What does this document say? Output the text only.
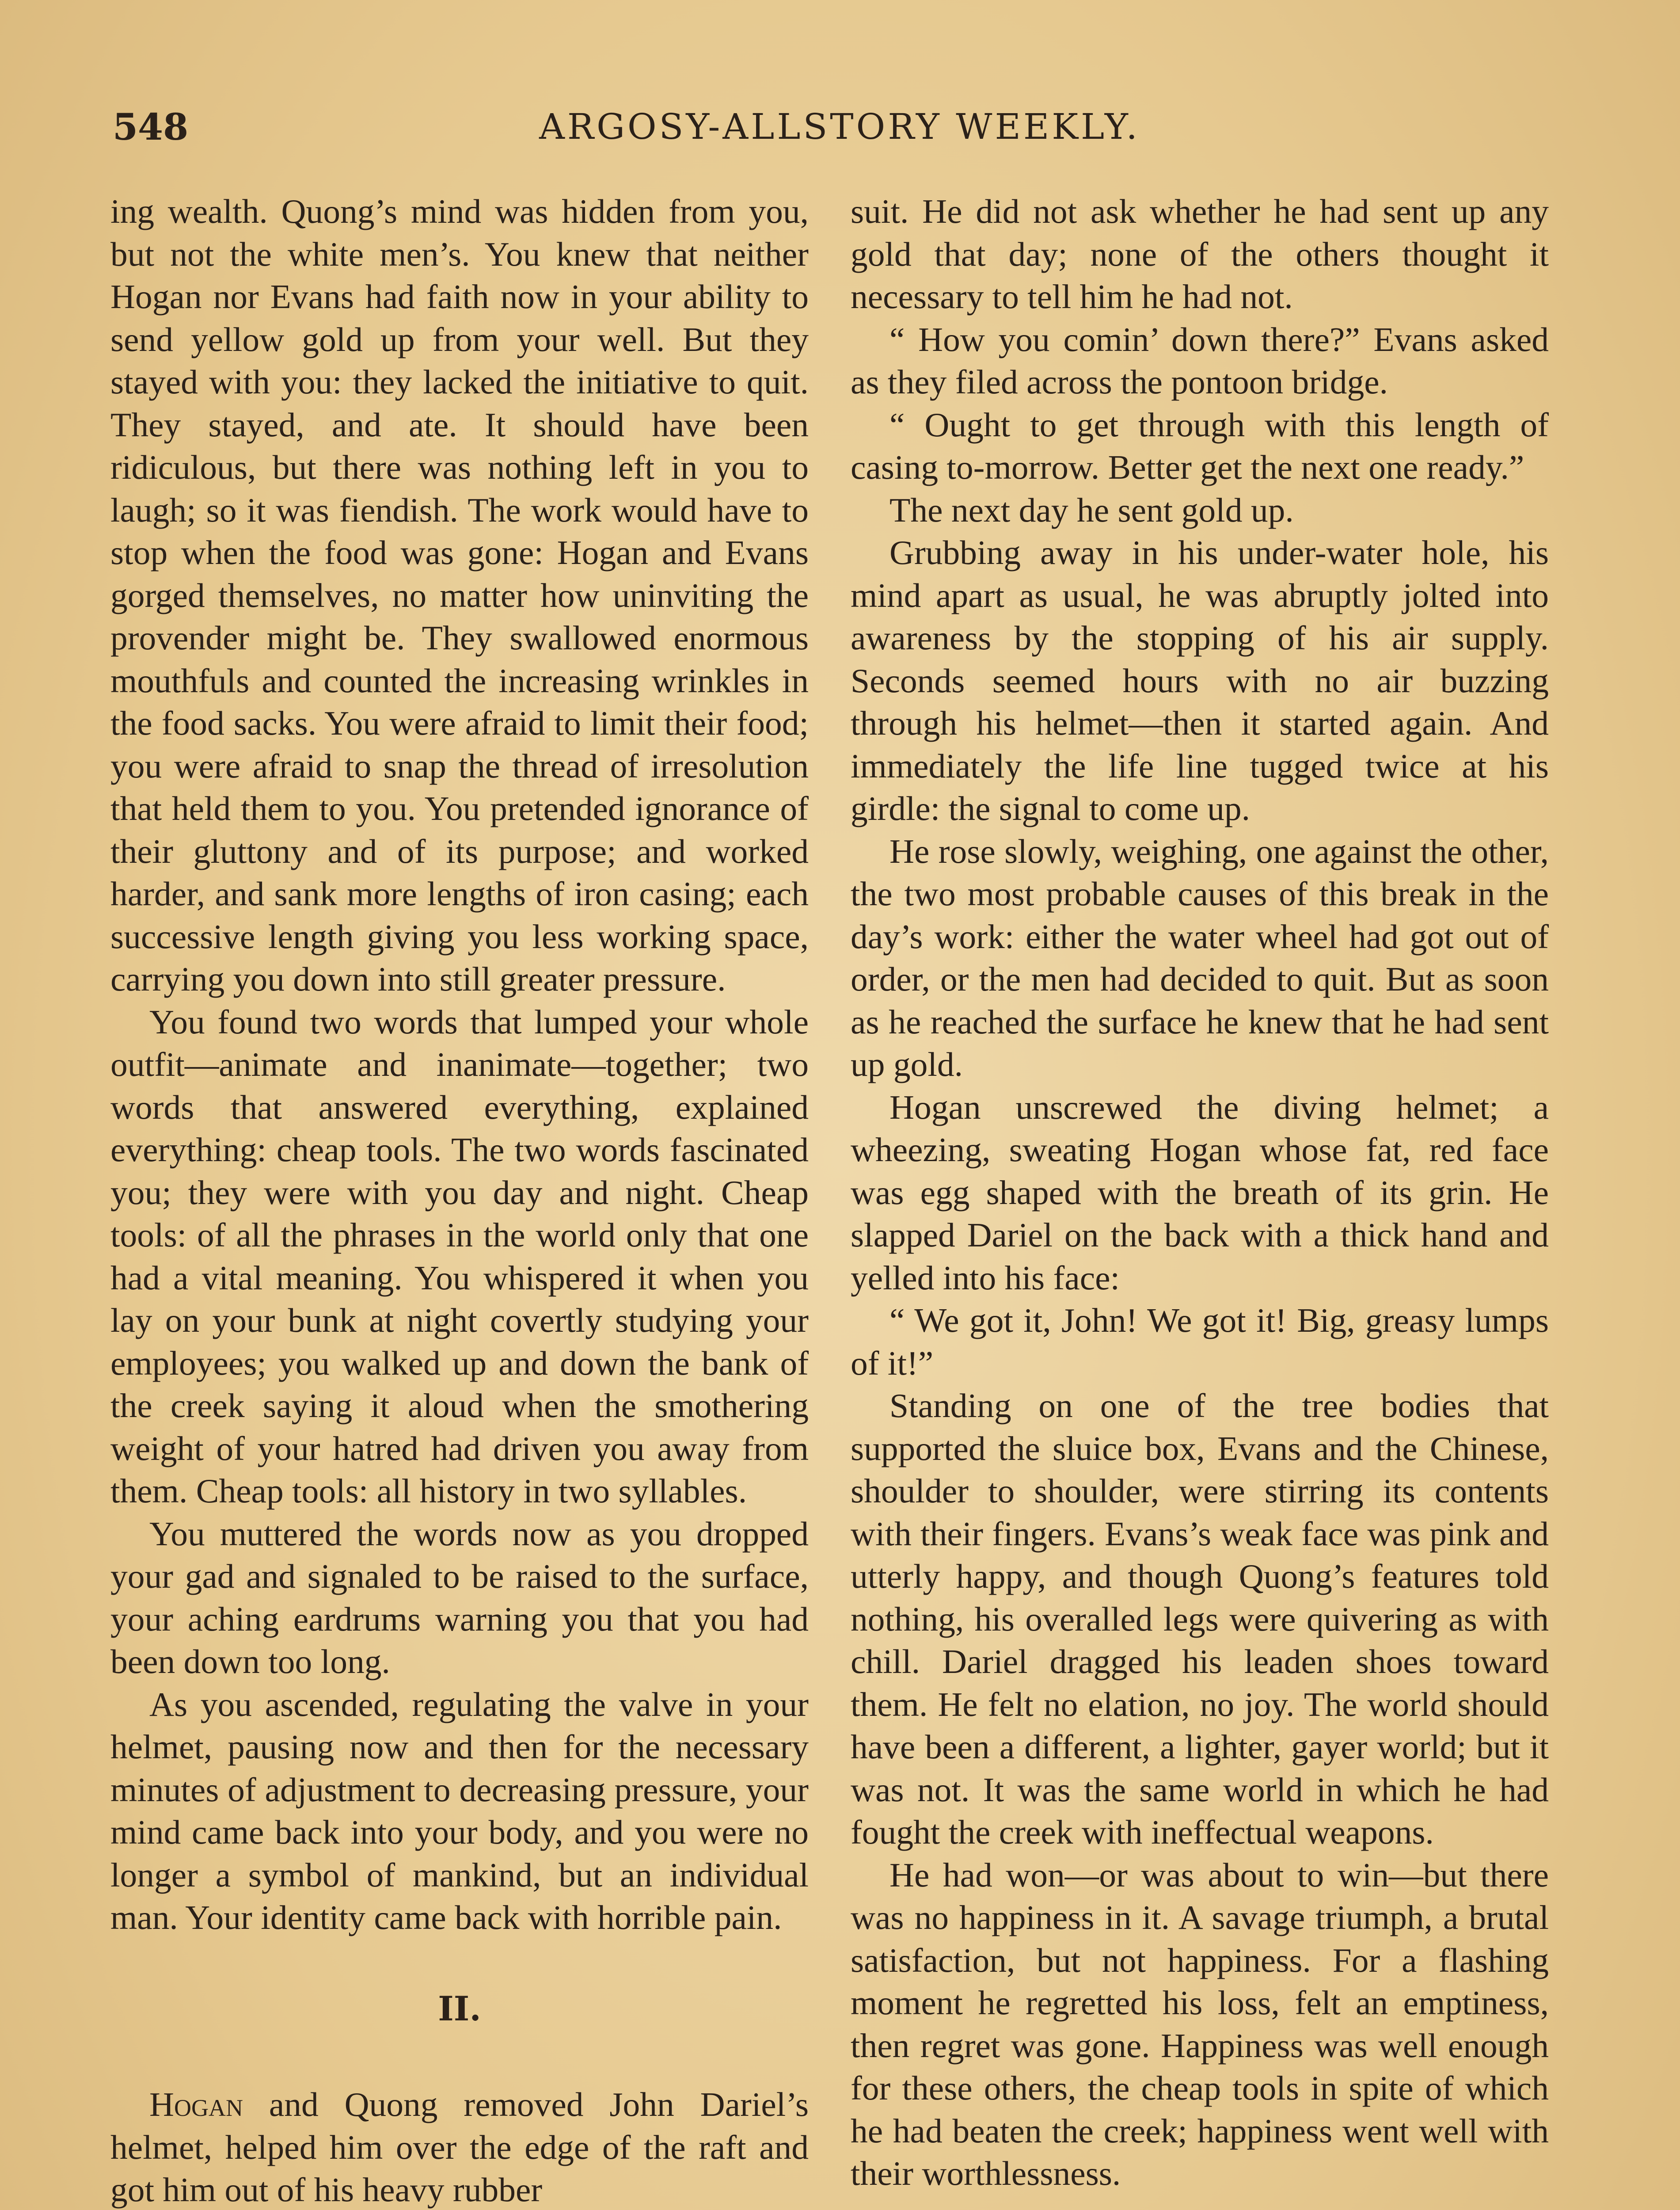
548	ARGOSY-ALLSTORY WEEKLY.

ing wealth. Quong’s mind was hidden from you, but not the white men’s. You knew that neither Hogan nor Evans had faith now in your ability to send yellow gold up from your well. But they stayed with you: they lacked the initiative to quit. They stayed, and ate. It should have been ridiculous, but there was nothing left in you to laugh; so it was fiendish. The work would have to stop when the food was gone: Hogan and Evans gorged themselves, no matter how uninviting the provender might be. They swallowed enormous mouthfuls and counted the increasing wrinkles in the food sacks. You were afraid to limit their food; you were afraid to snap the thread of irresolution that held them to you. You pretended ignorance of their gluttony and of its purpose; and worked harder, and sank more lengths of iron casing; each successive length giving you less working space, carrying you down into still greater pressure.

You found two words that lumped your whole outfit—animate and inanimate—together; two words that answered everything, explained everything: cheap tools. The two words fascinated you; they were with you day and night. Cheap tools: of all the phrases in the world only that one had a vital meaning. You whispered it when you lay on your bunk at night covertly studying your employees; you walked up and down the bank of the creek saying it aloud when the smothering weight of your hatred had driven you away from them. Cheap tools: all history in two syllables.

You muttered the words now as you dropped your gad and signaled to be raised to the surface, your aching eardrums warning you that you had been down too long.

As you ascended, regulating the valve in your helmet, pausing now and then for the necessary minutes of adjustment to decreasing pressure, your mind came back into your body, and you were no longer a symbol of mankind, but an individual man. Your identity came back with horrible pain.

II.

Hogan and Quong removed John Dariel’s helmet, helped him over the edge of the raft and got him out of his heavy rubber

suit. He did not ask whether he had sent up any gold that day; none of the others thought it necessary to tell him he had not.

“ How you comin’ down there?” Evans asked as they filed across the pontoon bridge.

“ Ought to get through with this length of casing to-morrow. Better get the next one ready.”

The next day he sent gold up.

Grubbing away in his under-water hole, his mind apart as usual, he was abruptly jolted into awareness by the stopping of his air supply. Seconds seemed hours with no air buzzing through his helmet—then it started again. And immediately the life line tugged twice at his girdle: the signal to come up.

He rose slowly, weighing, one against the other, the two most probable causes of this break in the day’s work: either the water wheel had got out of order, or the men had decided to quit. But as soon as he reached the surface he knew that he had sent up gold.

Hogan unscrewed the diving helmet; a wheezing, sweating Hogan whose fat, red face was egg shaped with the breath of its grin. He slapped Dariel on the back with a thick hand and yelled into his face:

“ We got it, John! We got it! Big, greasy lumps of it!”

Standing on one of the tree bodies that supported the sluice box, Evans and the Chinese, shoulder to shoulder, were stirring its contents with their fingers. Evans’s weak face was pink and utterly happy, and though Quong’s features told nothing, his overalled legs were quivering as with chill. Dariel dragged his leaden shoes toward them. He felt no elation, no joy. The world should have been a different, a lighter, gayer world; but it was not. It was the same world in which he had fought the creek with ineffectual weapons.

He had won—or was about to win—but there was no happiness in it. A savage triumph, a brutal satisfaction, but not happiness. For a flashing moment he regretted his loss, felt an emptiness, then regret was gone. Happiness was well enough for these others, the cheap tools in spite of which he had beaten the creek; happiness went well with their worthlessness.
